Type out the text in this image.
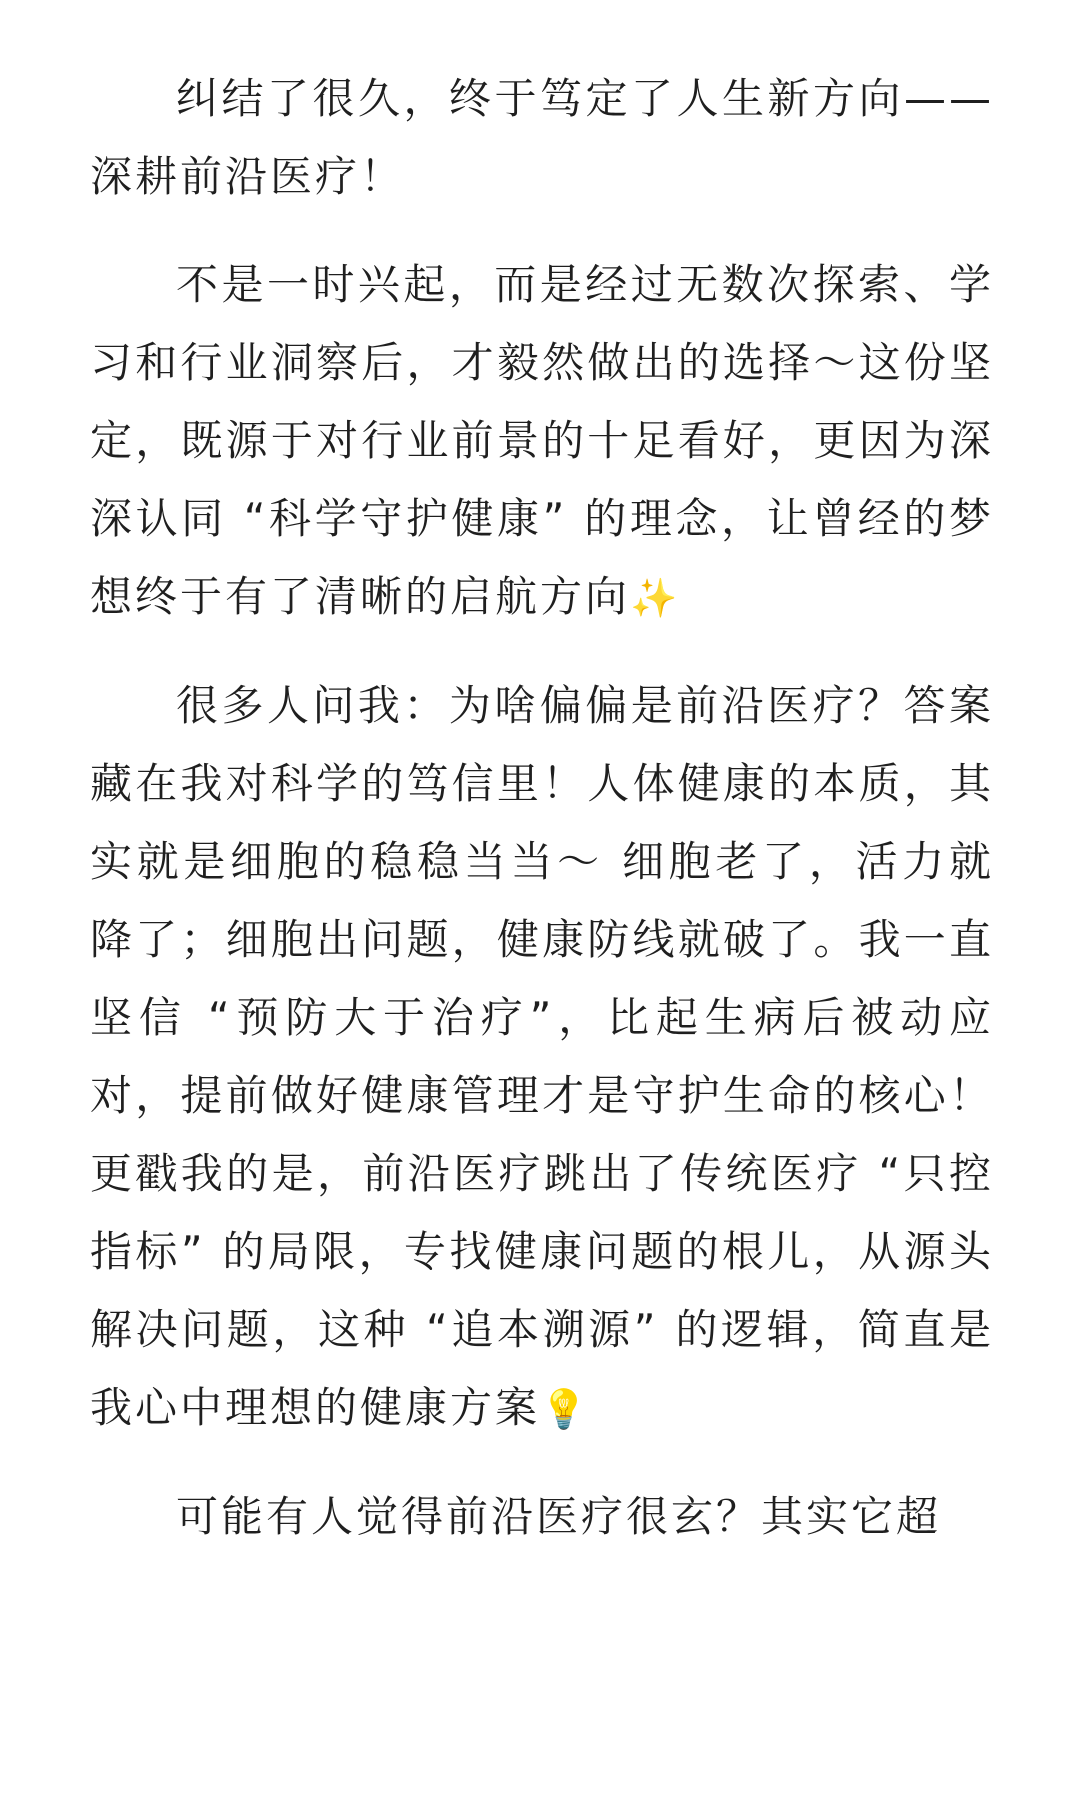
纠结了很久，终于笃定了人生新方向—— 深耕前沿医疗！

不是一时兴起，而是经过无数次探索、学习和行业洞察后，才毅然做出的选择～这份坚定，既源于对行业前景的十足看好，更因为深深认同 “科学守护健康” 的理念，让曾经的梦想终于有了清晰的启航方向✨

很多人问我：为啥偏偏是前沿医疗？答案藏在我对科学的笃信里！人体健康的本质，其实就是细胞的稳稳当当～ 细胞老了，活力就降了；细胞出问题，健康防线就破了。我一直坚信 “预防大于治疗”，比起生病后被动应对，提前做好健康管理才是守护生命的核心！更戳我的是，前沿医疗跳出了传统医疗 “只控指标” 的局限，专找健康问题的根儿，从源头解决问题，这种 “追本溯源” 的逻辑，简直是我心中理想的健康方案💡

可能有人觉得前沿医疗很玄？其实它超
